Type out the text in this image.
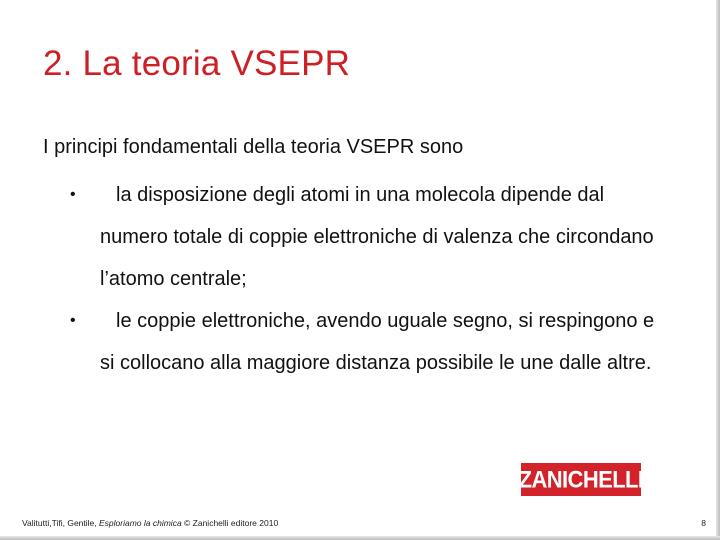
2. La teoria VSEPR

I principi fondamentali della teoria VSEPR sono

•	la disposizione degli atomi in una molecola dipende dal numero totale di coppie elettroniche di valenza che circondano l’atomo centrale;
•	le coppie elettroniche, avendo uguale segno, si respingono e si collocano alla maggiore distanza possibile le une dalle altre.
ZANICHELLI
Valitutti,Tifi, Gentile, Esploriamo la chimica © Zanichelli editore 2010	8
